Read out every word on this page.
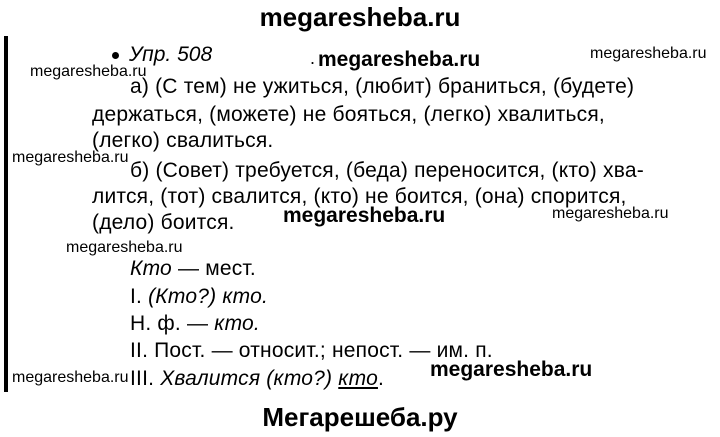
megaresheba.ru
Упр. 508	. megaresheba.ru	megaresheba.ru
megaresheba.ru
megaresheba.ru
megaresheba.ru	megaresheba.ru
megaresheba.ru
megaresheba.ru	megaresheba.ru
а) (С тем) не ужиться, (любит) браниться, (будете)
держаться, (можете) не бояться, (легко) хвалиться,
(легко) свалиться.
б) (Совет) требуется, (беда) переносится, (кто) хва-
лится, (тот) свалится, (кто) не боится, (она) спорится,
(дело) боится.
Кто — мест.
I. (Кто?) кто.
Н. ф. — кто.
II. Пост. — относит.; непост. — им. п.
III. Хвалится (кто?) кто.
Мегарешеба.ру
